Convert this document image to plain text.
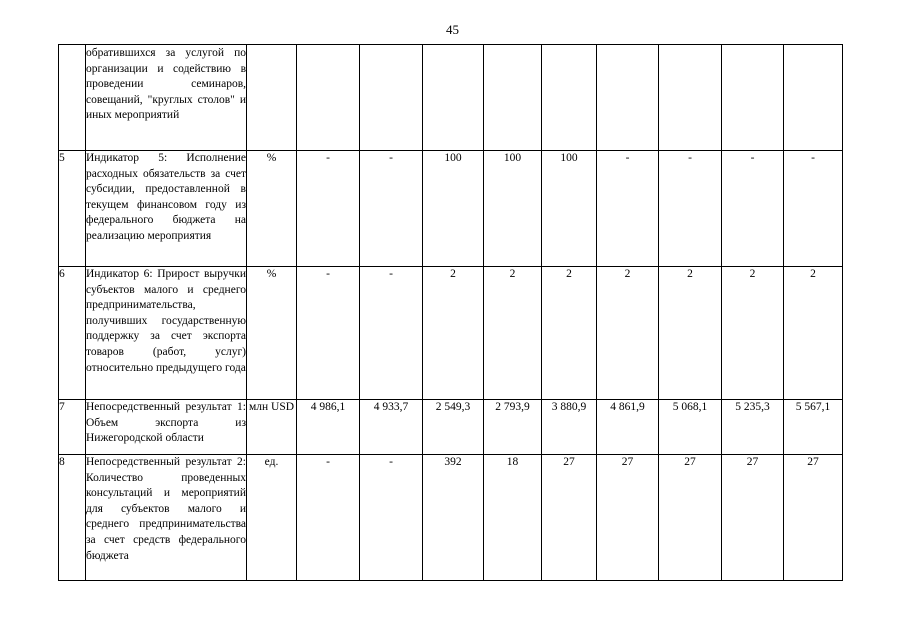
45
	обратившихся за услугой по организации и содействию в проведении семинаров, совещаний, "круглых столов" и иных мероприятий										
5	Индикатор 5: Исполнение расходных обязательств за счет субсидии, предоставленной в текущем финансовом году из федерального бюджета на реализацию мероприятия	%	-	-	100	100	100	-	-	-	-
6	Индикатор 6: Прирост выручки субъектов малого и среднего предпринимательства, получивших государственную поддержку за счет экспорта товаров (работ, услуг) относительно предыдущего года	%	-	-	2	2	2	2	2	2	2
7	Непосредственный результат 1: Объем экспорта из Нижегородской области	млн USD	4 986,1	4 933,7	2 549,3	2 793,9	3 880,9	4 861,9	5 068,1	5 235,3	5 567,1
8	Непосредственный результат 2: Количество проведенных консультаций и мероприятий для субъектов малого и среднего предпринимательства за счет средств федерального бюджета	ед.	-	-	392	18	27	27	27	27	27
